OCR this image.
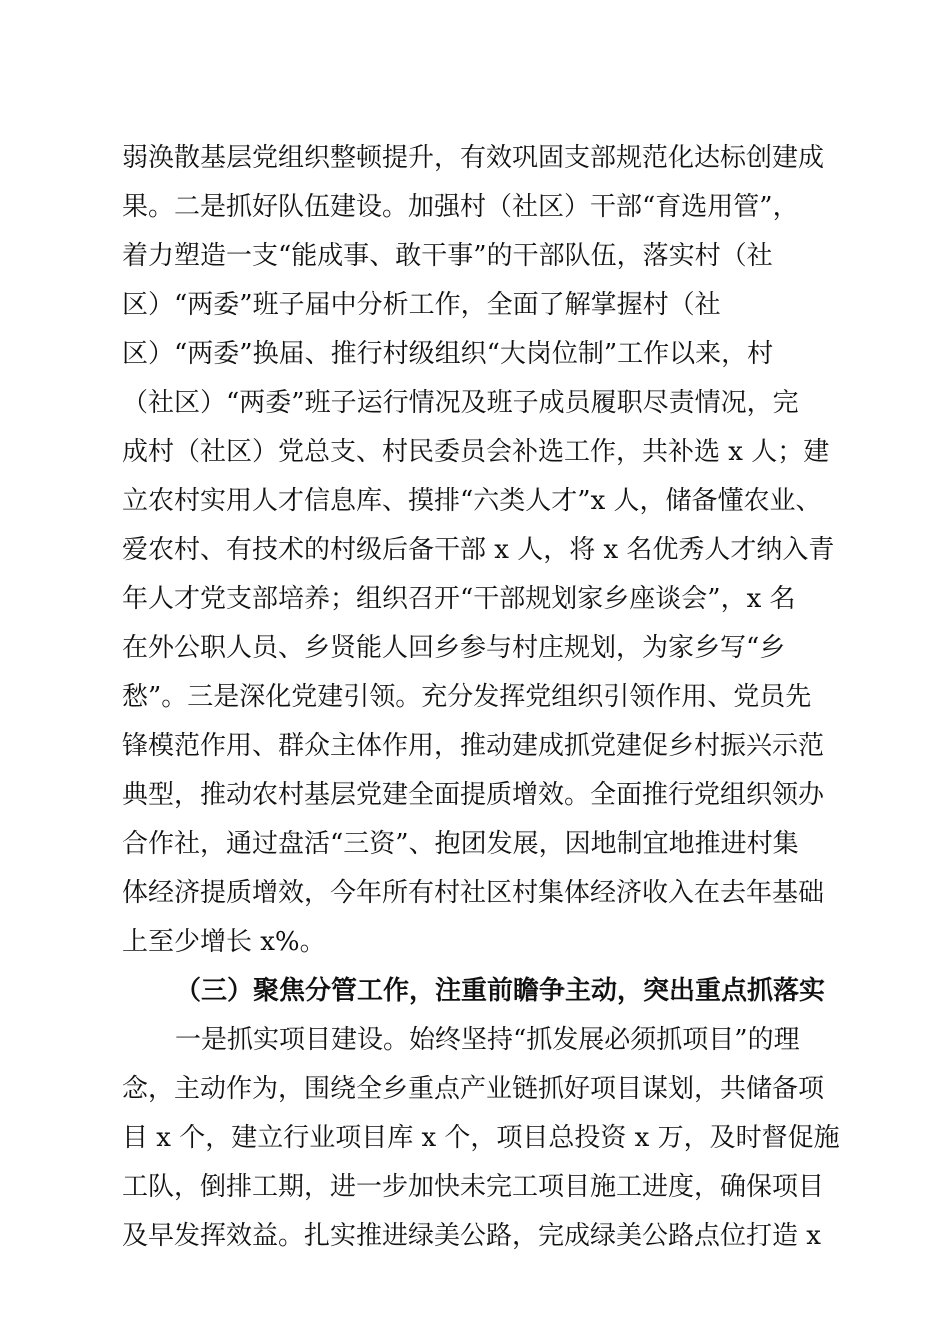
弱涣散基层党组织整顿提升，有效巩固支部规范化达标创建成
果。二是抓好队伍建设。加强村（社区）干部“育选用管”，
着力塑造一支“能成事、敢干事”的干部队伍，落实村（社
区）“两委”班子届中分析工作，全面了解掌握村（社
区）“两委”换届、推行村级组织“大岗位制”工作以来，村
（社区）“两委”班子运行情况及班子成员履职尽责情况，完
成村（社区）党总支、村民委员会补选工作，共补选 x 人；建
立农村实用人才信息库、摸排“六类人才”x 人，储备懂农业、
爱农村、有技术的村级后备干部 x 人，将 x 名优秀人才纳入青
年人才党支部培养；组织召开“干部规划家乡座谈会”，x 名
在外公职人员、乡贤能人回乡参与村庄规划，为家乡写“乡
愁”。三是深化党建引领。充分发挥党组织引领作用、党员先
锋模范作用、群众主体作用，推动建成抓党建促乡村振兴示范
典型，推动农村基层党建全面提质增效。全面推行党组织领办
合作社，通过盘活“三资”、抱团发展，因地制宜地推进村集
体经济提质增效，今年所有村社区村集体经济收入在去年基础
上至少增长 x%。
（三）聚焦分管工作，注重前瞻争主动，突出重点抓落实
一是抓实项目建设。始终坚持“抓发展必须抓项目”的理
念，主动作为，围绕全乡重点产业链抓好项目谋划，共储备项
目 x 个，建立行业项目库 x 个，项目总投资 x 万，及时督促施
工队，倒排工期，进一步加快未完工项目施工进度，确保项目
及早发挥效益。扎实推进绿美公路，完成绿美公路点位打造 x
